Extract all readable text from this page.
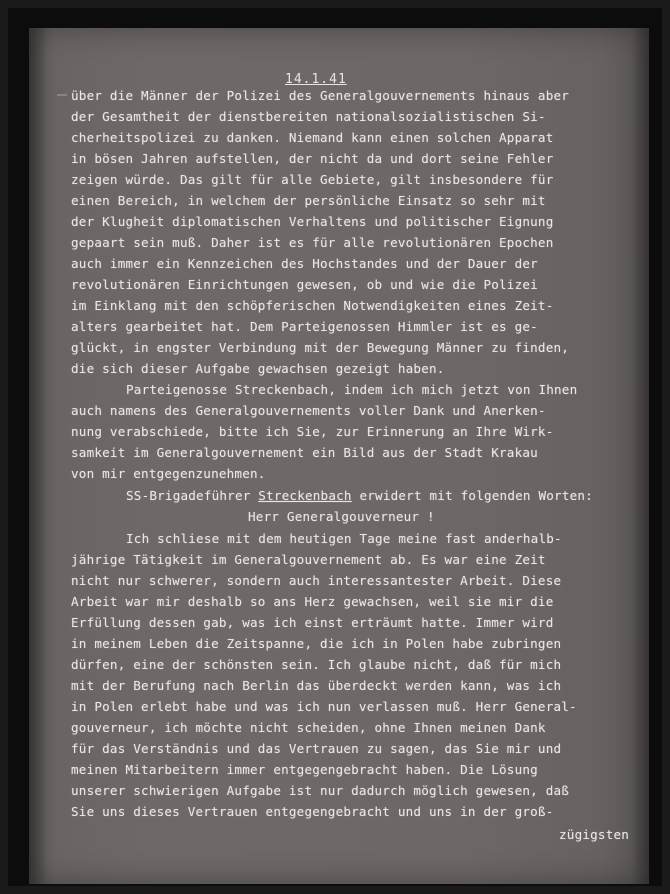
14.1.41
über die Männer der Polizei des Generalgouvernements hinaus aber
der Gesamtheit der dienstbereiten nationalsozialistischen Si-
cherheitspolizei zu danken. Niemand kann einen solchen Apparat
in bösen Jahren aufstellen, der nicht da und dort seine Fehler
zeigen würde. Das gilt für alle Gebiete, gilt insbesondere für
einen Bereich, in welchem der persönliche Einsatz so sehr mit
der Klugheit diplomatischen Verhaltens und politischer Eignung
gepaart sein muß. Daher ist es für alle revolutionären Epochen
auch immer ein Kennzeichen des Hochstandes und der Dauer der
revolutionären Einrichtungen gewesen, ob und wie die Polizei
im Einklang mit den schöpferischen Notwendigkeiten eines Zeit-
alters gearbeitet hat. Dem Parteigenossen Himmler ist es ge-
glückt, in engster Verbindung mit der Bewegung Männer zu finden,
die sich dieser Aufgabe gewachsen gezeigt haben.
Parteigenosse Streckenbach, indem ich mich jetzt von Ihnen
auch namens des Generalgouvernements voller Dank und Anerken-
nung verabschiede, bitte ich Sie, zur Erinnerung an Ihre Wirk-
samkeit im Generalgouvernement ein Bild aus der Stadt Krakau
von mir entgegenzunehmen.
SS-Brigadeführer Streckenbach erwidert mit folgenden Worten:
Herr Generalgouverneur !
Ich schliese mit dem heutigen Tage meine fast anderhalb-
jährige Tätigkeit im Generalgouvernement ab. Es war eine Zeit
nicht nur schwerer, sondern auch interessantester Arbeit. Diese
Arbeit war mir deshalb so ans Herz gewachsen, weil sie mir die
Erfüllung dessen gab, was ich einst erträumt hatte. Immer wird
in meinem Leben die Zeitspanne, die ich in Polen habe zubringen
dürfen, eine der schönsten sein. Ich glaube nicht, daß für mich
mit der Berufung nach Berlin das überdeckt werden kann, was ich
in Polen erlebt habe und was ich nun verlassen muß. Herr General-
gouverneur, ich möchte nicht scheiden, ohne Ihnen meinen Dank
für das Verständnis und das Vertrauen zu sagen, das Sie mir und
meinen Mitarbeitern immer entgegengebracht haben. Die Lösung
unserer schwierigen Aufgabe ist nur dadurch möglich gewesen, daß
Sie uns dieses Vertrauen entgegengebracht und uns in der groß-
zügigsten
